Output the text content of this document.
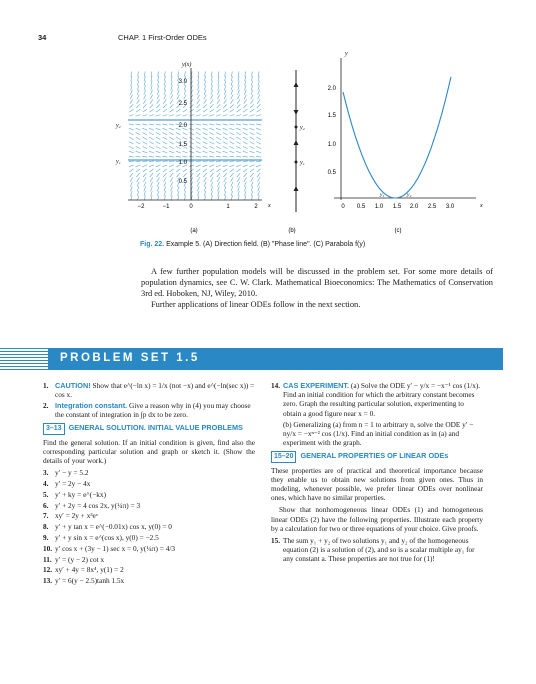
34	CHAP. 1 First-Order ODEs
y(x)
x
3.0
2.5
2.0
1.5
1.0
0.5
−2	−1	0	1	2
y₂
y₁
(a)
y₂
y₁
(b)
y
x
2.0
1.5
1.0
0.5
0 0.5 1.0 1.5 2.0 2.5 3.0
y₁	y₂
(c)
Fig. 22. Example 5. (A) Direction field. (B) "Phase line". (C) Parabola f(y)

A few further population models will be discussed in the problem set. For some more details of population dynamics, see C. W. Clark. Mathematical Bioeconomics: The Mathematics of Conservation 3rd ed. Hoboken, NJ, Wiley, 2010.

Further applications of linear ODEs follow in the next section.

PROBLEM SET 1.5
1. CAUTION! Show that e^(−ln x) = 1/x (not −x) and e^(−ln(sec x)) = cos x.
2. Integration constant. Give a reason why in (4) you may choose the constant of integration in ∫p dx to be zero.
3–13 GENERAL SOLUTION. INITIAL VALUE PROBLEMS
Find the general solution. If an initial condition is given, find also the corresponding particular solution and graph or sketch it. (Show the details of your work.)
3. y′ − y = 5.2
4. y′ = 2y − 4x
5. y′ + ky = e^(−kx)
6. y′ + 2y = 4 cos 2x, y(¼π) = 3
7. xy′ = 2y + x³eˣ
8. y′ + y tan x = e^(−0.01x) cos x, y(0) = 0
9. y′ + y sin x = e^(cos x), y(0) = −2.5
10. y′ cos x + (3y − 1) sec x = 0, y(¼π) = 4/3
11. y′ = (y − 2) cot x
12. xy′ + 4y = 8x⁴, y(1) = 2
13. y′ = 6(y − 2.5)tanh 1.5x
14. CAS EXPERIMENT. (a) Solve the ODE y′ − y/x = −x⁻¹ cos (1/x). Find an initial condition for which the arbitrary constant becomes zero. Graph the resulting particular solution, experimenting to obtain a good figure near x = 0.
(b) Generalizing (a) from n = 1 to arbitrary n, solve the ODE y′ − ny/x = −xⁿ⁻² cos (1/x). Find an initial condition as in (a) and experiment with the graph.
15–20 GENERAL PROPERTIES OF LINEAR ODEs
These properties are of practical and theoretical importance because they enable us to obtain new solutions from given ones. Thus in modeling, whenever possible, we prefer linear ODEs over nonlinear ones, which have no similar properties.
Show that nonhomogeneous linear ODEs (1) and homogeneous linear ODEs (2) have the following properties. Illustrate each property by a calculation for two or three equations of your choice. Give proofs.
15. The sum y₁ + y₂ of two solutions y₁ and y₂ of the homogeneous equation (2) is a solution of (2), and so is a scalar multiple ay₁ for any constant a. These properties are not true for (1)!
